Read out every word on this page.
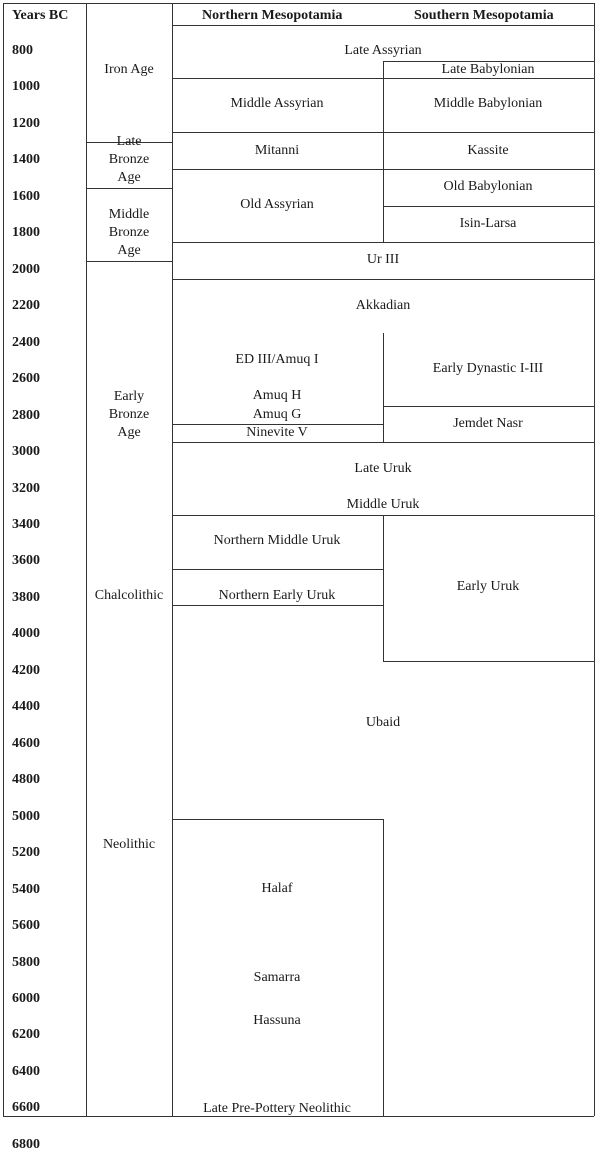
Years BC	Northern Mesopotamia	Southern Mesopotamia
800
1000
1200
1400
1600
1800
2000
2200
2400
2600
2800
3000
3200
3400
3600
3800
4000
4200
4400
4600
4800
5000
5200
5400
5600
5800
6000
6200
6400
6600
6800
Iron Age
Late
Bronze
Age
Middle
Bronze
Age
Early
Bronze
Age
Chalcolithic
Neolithic
Late Assyrian
Ur III
Akkadian
Late Uruk
Middle Uruk
Ubaid
Middle Assyrian
Mitanni
Old Assyrian
ED III/Amuq I
Amuq H
Amuq G
Ninevite V
Northern Middle Uruk
Northern Early Uruk
Halaf
Samarra
Hassuna
Late Pre-Pottery Neolithic
Late Babylonian
Middle Babylonian
Kassite
Old Babylonian
Isin-Larsa
Early Dynastic I-III
Jemdet Nasr
Early Uruk
